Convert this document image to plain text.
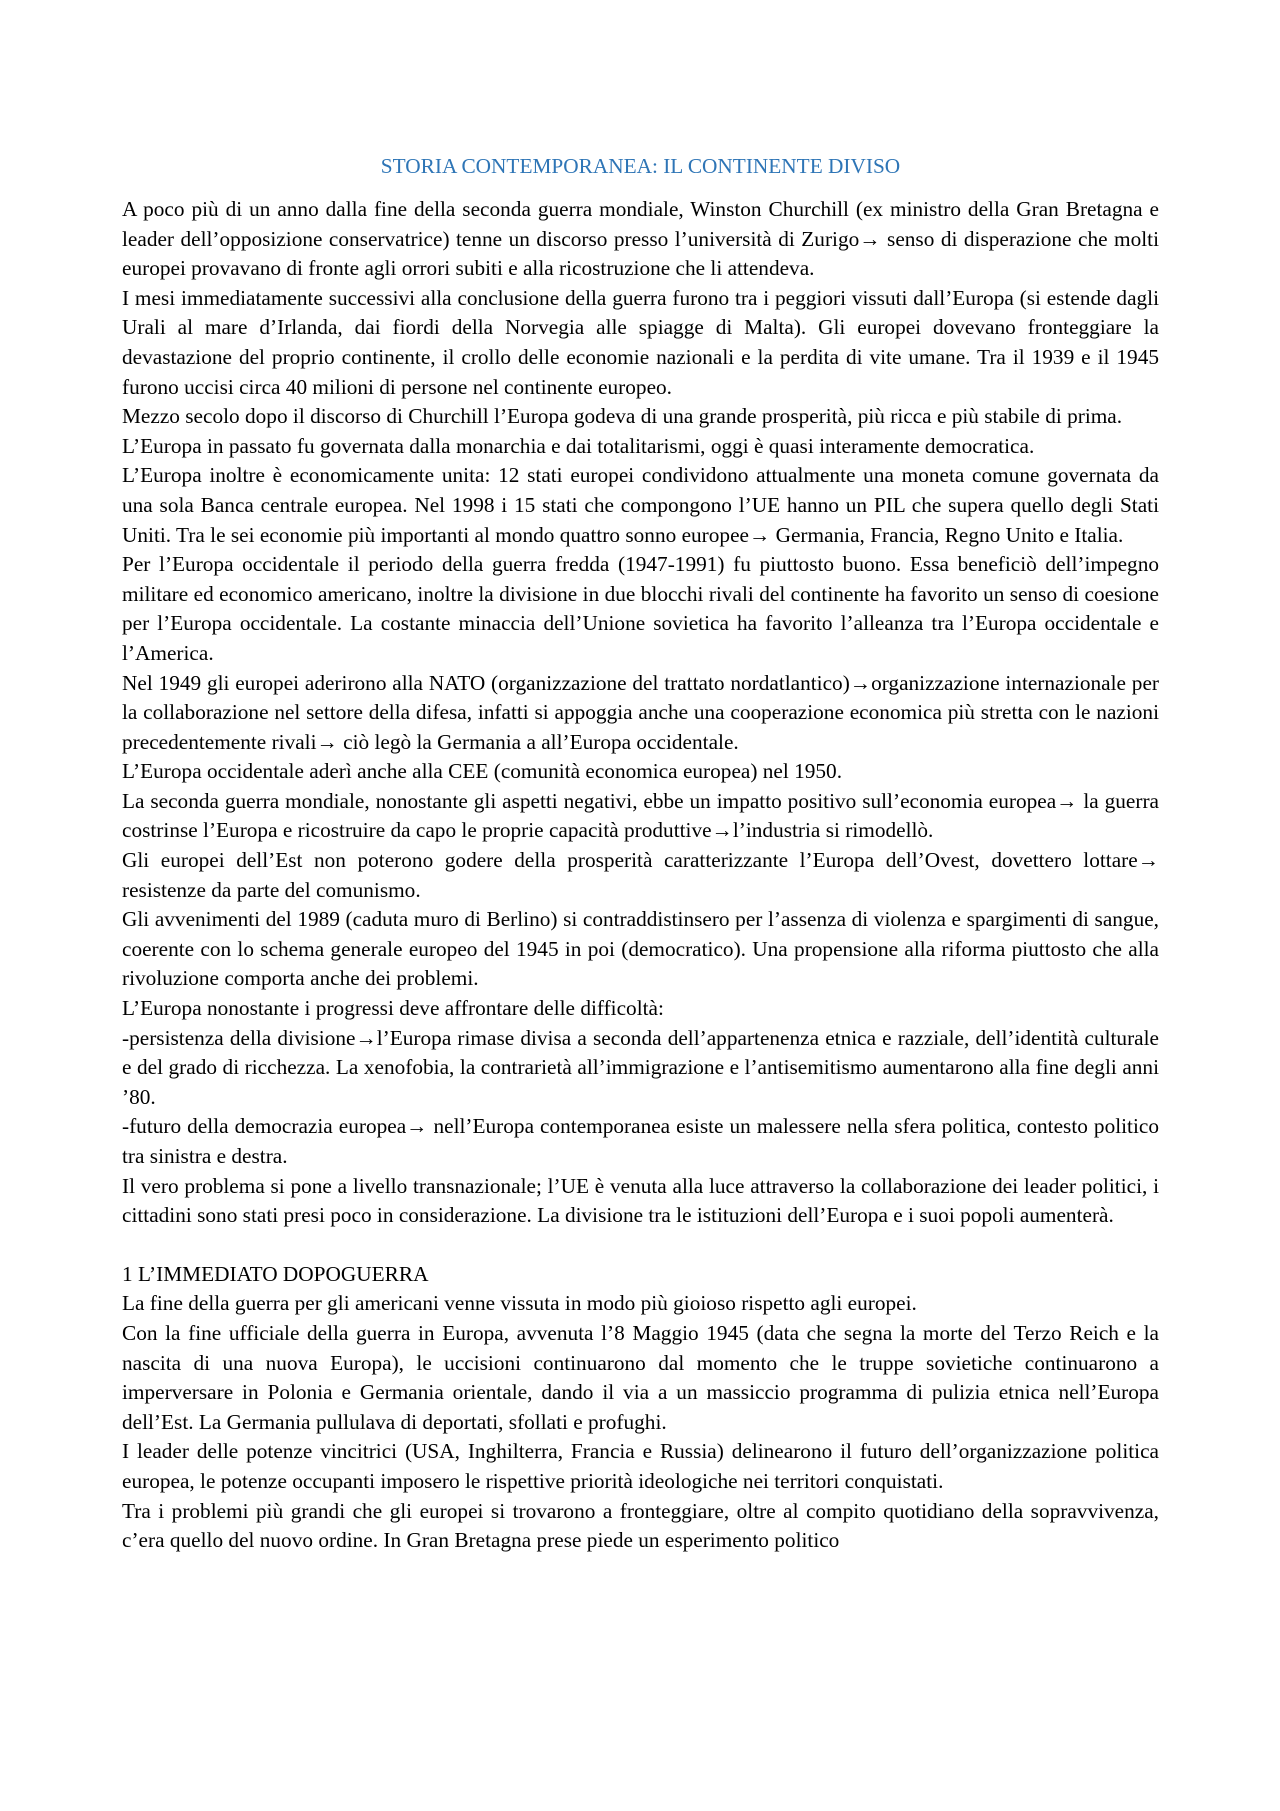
STORIA CONTEMPORANEA: IL CONTINENTE DIVISO

A poco più di un anno dalla fine della seconda guerra mondiale, Winston Churchill (ex ministro della Gran Bretagna e leader dell’opposizione conservatrice) tenne un discorso presso l’università di Zurigo→ senso di disperazione che molti europei provavano di fronte agli orrori subiti e alla ricostruzione che li attendeva.

I mesi immediatamente successivi alla conclusione della guerra furono tra i peggiori vissuti dall’Europa (si estende dagli Urali al mare d’Irlanda, dai fiordi della Norvegia alle spiagge di Malta). Gli europei dovevano fronteggiare la devastazione del proprio continente, il crollo delle economie nazionali e la perdita di vite umane. Tra il 1939 e il 1945 furono uccisi circa 40 milioni di persone nel continente europeo.

Mezzo secolo dopo il discorso di Churchill l’Europa godeva di una grande prosperità, più ricca e più stabile di prima.

L’Europa in passato fu governata dalla monarchia e dai totalitarismi, oggi è quasi interamente democratica.

L’Europa inoltre è economicamente unita: 12 stati europei condividono attualmente una moneta comune governata da una sola Banca centrale europea. Nel 1998 i 15 stati che compongono l’UE hanno un PIL che supera quello degli Stati Uniti. Tra le sei economie più importanti al mondo quattro sonno europee→ Germania, Francia, Regno Unito e Italia.

Per l’Europa occidentale il periodo della guerra fredda (1947-1991) fu piuttosto buono. Essa beneficiò dell’impegno militare ed economico americano, inoltre la divisione in due blocchi rivali del continente ha favorito un senso di coesione per l’Europa occidentale. La costante minaccia dell’Unione sovietica ha favorito l’alleanza tra l’Europa occidentale e l’America.

Nel 1949 gli europei aderirono alla NATO (organizzazione del trattato nordatlantico)→organizzazione internazionale per la collaborazione nel settore della difesa, infatti si appoggia anche una cooperazione economica più stretta con le nazioni precedentemente rivali→ ciò legò la Germania a all’Europa occidentale.

L’Europa occidentale aderì anche alla CEE (comunità economica europea) nel 1950.

La seconda guerra mondiale, nonostante gli aspetti negativi, ebbe un impatto positivo sull’economia europea→ la guerra costrinse l’Europa e ricostruire da capo le proprie capacità produttive→l’industria si rimodellò.

Gli europei dell’Est non poterono godere della prosperità caratterizzante l’Europa dell’Ovest, dovettero lottare→ resistenze da parte del comunismo.

Gli avvenimenti del 1989 (caduta muro di Berlino) si contraddistinsero per l’assenza di violenza e spargimenti di sangue, coerente con lo schema generale europeo del 1945 in poi (democratico). Una propensione alla riforma piuttosto che alla rivoluzione comporta anche dei problemi.

L’Europa nonostante i progressi deve affrontare delle difficoltà:

-persistenza della divisione→l’Europa rimase divisa a seconda dell’appartenenza etnica e razziale, dell’identità culturale e del grado di ricchezza. La xenofobia, la contrarietà all’immigrazione e l’antisemitismo aumentarono alla fine degli anni ’80.

-futuro della democrazia europea→ nell’Europa contemporanea esiste un malessere nella sfera politica, contesto politico tra sinistra e destra.

Il vero problema si pone a livello transnazionale; l’UE è venuta alla luce attraverso la collaborazione dei leader politici, i cittadini sono stati presi poco in considerazione. La divisione tra le istituzioni dell’Europa e i suoi popoli aumenterà.

1 L’IMMEDIATO DOPOGUERRA

La fine della guerra per gli americani venne vissuta in modo più gioioso rispetto agli europei.

Con la fine ufficiale della guerra in Europa, avvenuta l’8 Maggio 1945 (data che segna la morte del Terzo Reich e la nascita di una nuova Europa), le uccisioni continuarono dal momento che le truppe sovietiche continuarono a imperversare in Polonia e Germania orientale, dando il via a un massiccio programma di pulizia etnica nell’Europa dell’Est. La Germania pullulava di deportati, sfollati e profughi.

I leader delle potenze vincitrici (USA, Inghilterra, Francia e Russia) delinearono il futuro dell’organizzazione politica europea, le potenze occupanti imposero le rispettive priorità ideologiche nei territori conquistati.

Tra i problemi più grandi che gli europei si trovarono a fronteggiare, oltre al compito quotidiano della sopravvivenza, c’era quello del nuovo ordine. In Gran Bretagna prese piede un esperimento politico
